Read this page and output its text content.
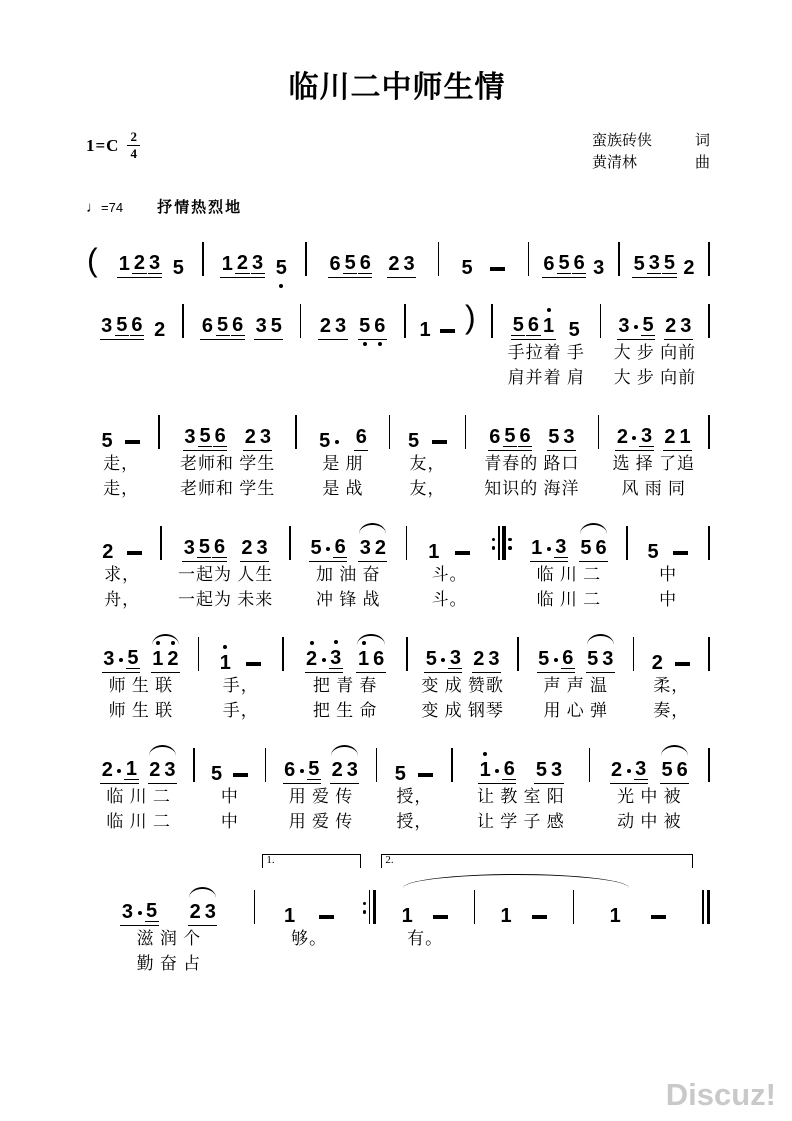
临川二中师生情
$1=C \frac{2}{4}$	蛮族砖侠	词
黄清林	曲
♩ =74 抒情热烈地
( 1 2 3 5 1 2 3 5 6 5 6 2 3 5	6 5 6 3 5 3 5 2
3 5 6 2 6 5 6 3 5 2 3 5 6 1 ) 5 6 1 5
手拉着 手
肩并着 肩
3 5 2 3
大 步 向前
大 步 向前
5
走，
走，
3 5 6 2 3
老师和 学生
老师和 学生
5 6
是 朋
是 战
5
友，
友，
6 5 6 5 3
青春的 路口
知识的 海洋
2 3 2 1
选 择 了追
风 雨 同
2
求，
舟，
3 5 6 2 3
一起为 人生
一起为 未来
5 6 3 2
加 油 奋
冲 锋 战
1
斗。
斗。
1 3 5 6
临 川 二
临 川 二
5
中
中
3 5 1 2
师 生 联
师 生 联
1
手，
手，
2 3 1 6
把 青 春
把 生 命
5 3 2 3
变 成 赞歌
变 成 钢琴
5 6 5 3
声 声 温
用 心 弹
2
柔，
奏，
2 1 2 3
临 川 二
临 川 二
5
中
中
6 5 2 3
用 爱 传
用 爱 传
5
授，
授，
1 6 5 3
让 教 室 阳
让 学 子 感
2 3 5 6
光 中 被
动 中 被
1.	2.
3 5 2 3
滋 润 个
勤 奋 占
1
够。
1
有。
1	1
Discuz!
